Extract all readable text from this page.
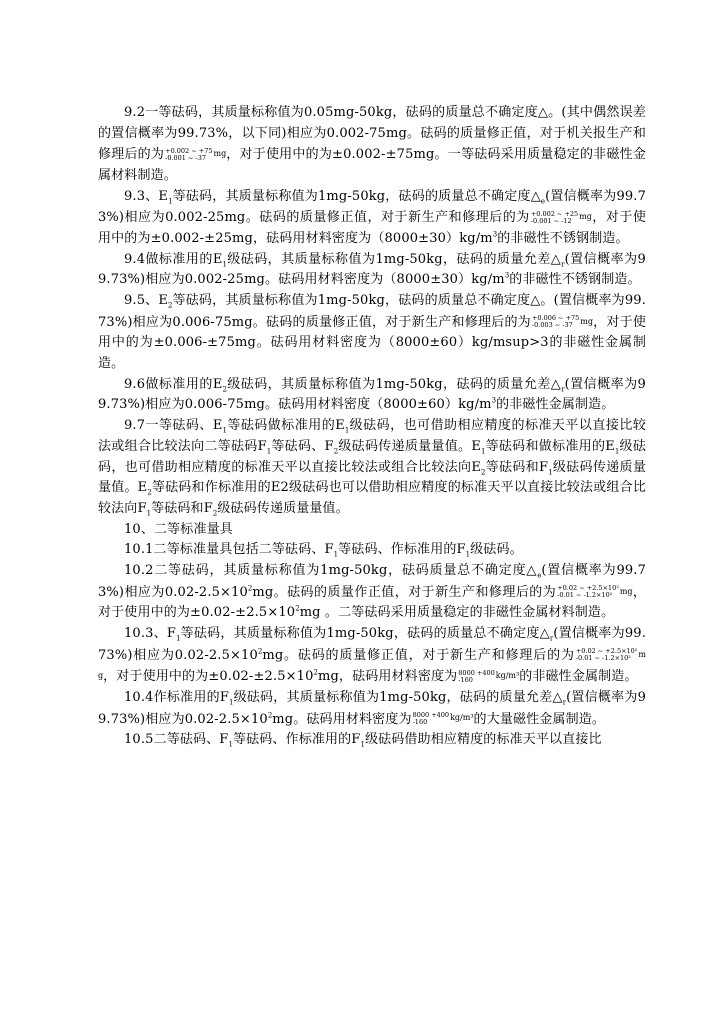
9.2一等砝码，其质量标称值为0.05mg-50kg，砝码的质量总不确定度△。(其中偶然误差的置信概率为99.73%，以下同)相应为0.002-75mg。砝码的质量修正值，对于机关报生产和修理后的为 +0.002 ~ +75
-0.001 ~ -37 mg，对于使用中的为±0.002-±75mg。一等砝码采用质量稳定的非磁性金属材料制造。

9.3、$E_1$等砝码，其质量标称值为1mg-50kg，砝码的质量总不确定度$\triangle_e$(置信概率为99.73%)相应为0.002-25mg。砝码的质量修正值，对于新生产和修理后的为 +0.002 ~ +25
-0.001 ~ -12 mg，对于使用中的为±0.002-±25mg，砝码用材料密度为$(8000\pm 30)kg/m^3$的非磁性不锈钢制造。

9.4做标准用的$E_1$级砝码，其质量标称值为1mg-50kg，砝码的质量允差$\triangle_r$(置信概率为99.73%)相应为0.002-25mg。砝码用材料密度为$(8000\pm 30)kg/m^3$的非磁性不锈钢制造。

9.5、$E_2$等砝码，其质量标称值为1mg-50kg，砝码的质量总不确定度△。(置信概率为99.73%)相应为0.006-75mg。砝码的质量修正值，对于新生产和修理后的为 +0.006 ~ +75
-0.003 ~ -37 mg，对于使用中的为±0.006-±75mg。砝码用材料密度为（8000±60）kg/msup>3的非磁性金属制造。

9.6做标准用的$E_2$级砝码，其质量标称值为1mg-50kg，砝码的质量允差$\triangle_r$(置信概率为99.73%)相应为0.006-75mg。砝码用材料密度$(8000\pm 60)kg/m^3$的非磁性金属制造。

9.7一等砝码、$E_1$等砝码做标准用的$E_1$级砝码，也可借助相应精度的标准天平以直接比较法或组合比较法向二等砝码$F_1$等砝码、$F_2$级砝码传递质量量值。$E_1$等砝码和做标准用的$E_1$级砝码，也可借助相应精度的标准天平以直接比较法或组合比较法向$E_2$等砝码和$F_1$级砝码传递质量量值。$E_2$等砝码和作标准用的E2级砝码也可以借助相应精度的标准天平以直接比较法或组合比较法向$F_1$等砝码和$F_2$级砝码传递质量量值。

10、二等标准量具

10.1二等标准量具包括二等砝码、$F_1$等砝码、作标准用的$F_1$级砝码。

10.2二等砝码，其质量标称值为1mg-50kg，砝码质量总不确定度$\triangle_e$(置信概率为99.73%)相应为$0.02-2.5\times 10^2mg$。砝码的质量作正值，对于新生产和修理后的为 +0.02 ~ +2.5×10²
-0.01 ~ -1.2×10² mg，对于使用中的为$\pm 0.02-\pm 2.5\times 10^2mg$ 。二等砝码采用质量稳定的非磁性金属材料制造。

10.3、$F_1$等砝码，其质量标称值为1mg-50kg，砝码的质量总不确定度$\triangle_r$(置信概率为99.73%)相应为$0.02-2.5\times 10^2mg$。砝码的质量修正值，对于新生产和修理后的为 +0.02 ~ +2.5×10²
-0.01 ~ -1.2×10² mg，对于使用中的为$\pm 0.02-\pm 2.5\times 10^2mg$，砝码用材料密度为 8000 +400
-160	kg/m³的非磁性金属制造。

10.4作标准用的$F_1$级砝码，其质量标称值为1mg-50kg，砝码的质量允差$\triangle_r$(置信概率为99.73%)相应为$0.02-2.5\times 10^2mg$。砝码用材料密度为 8000 +400
-160	kg/m³的大量磁性金属制造。

10.5二等砝码、$F_1$等砝码、作标准用的$F_1$级砝码借助相应精度的标准天平以直接比
